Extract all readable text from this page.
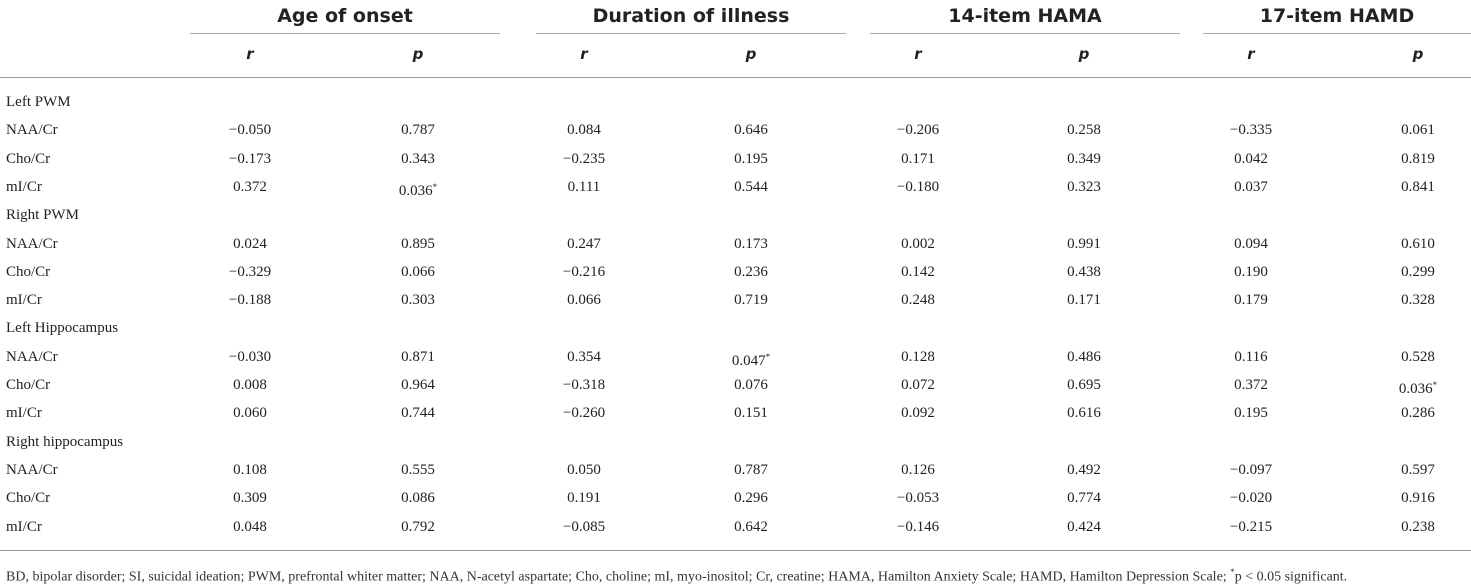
Age of onset	Duration of illness	14-item HAMA	17-item HAMD
r	p	r	p	r	p	r	p
Left PWM
NAA/Cr	−0.050	0.787	0.084	0.646	−0.206	0.258	−0.335	0.061
Cho/Cr	−0.173	0.343	−0.235	0.195	0.171	0.349	0.042	0.819
mI/Cr	0.372	0.036*	0.111	0.544	−0.180	0.323	0.037	0.841
Right PWM
NAA/Cr	0.024	0.895	0.247	0.173	0.002	0.991	0.094	0.610
Cho/Cr	−0.329	0.066	−0.216	0.236	0.142	0.438	0.190	0.299
mI/Cr	−0.188	0.303	0.066	0.719	0.248	0.171	0.179	0.328
Left Hippocampus
NAA/Cr	−0.030	0.871	0.354	0.047*	0.128	0.486	0.116	0.528
Cho/Cr	0.008	0.964	−0.318	0.076	0.072	0.695	0.372	0.036*
mI/Cr	0.060	0.744	−0.260	0.151	0.092	0.616	0.195	0.286
Right hippocampus
NAA/Cr	0.108	0.555	0.050	0.787	0.126	0.492	−0.097	0.597
Cho/Cr	0.309	0.086	0.191	0.296	−0.053	0.774	−0.020	0.916
mI/Cr	0.048	0.792	−0.085	0.642	−0.146	0.424	−0.215	0.238
BD, bipolar disorder; SI, suicidal ideation; PWM, prefrontal whiter matter; NAA, N-acetyl aspartate; Cho, choline; mI, myo-inositol; Cr, creatine; HAMA, Hamilton Anxiety Scale; HAMD, Hamilton Depression Scale; *p < 0.05 significant.
